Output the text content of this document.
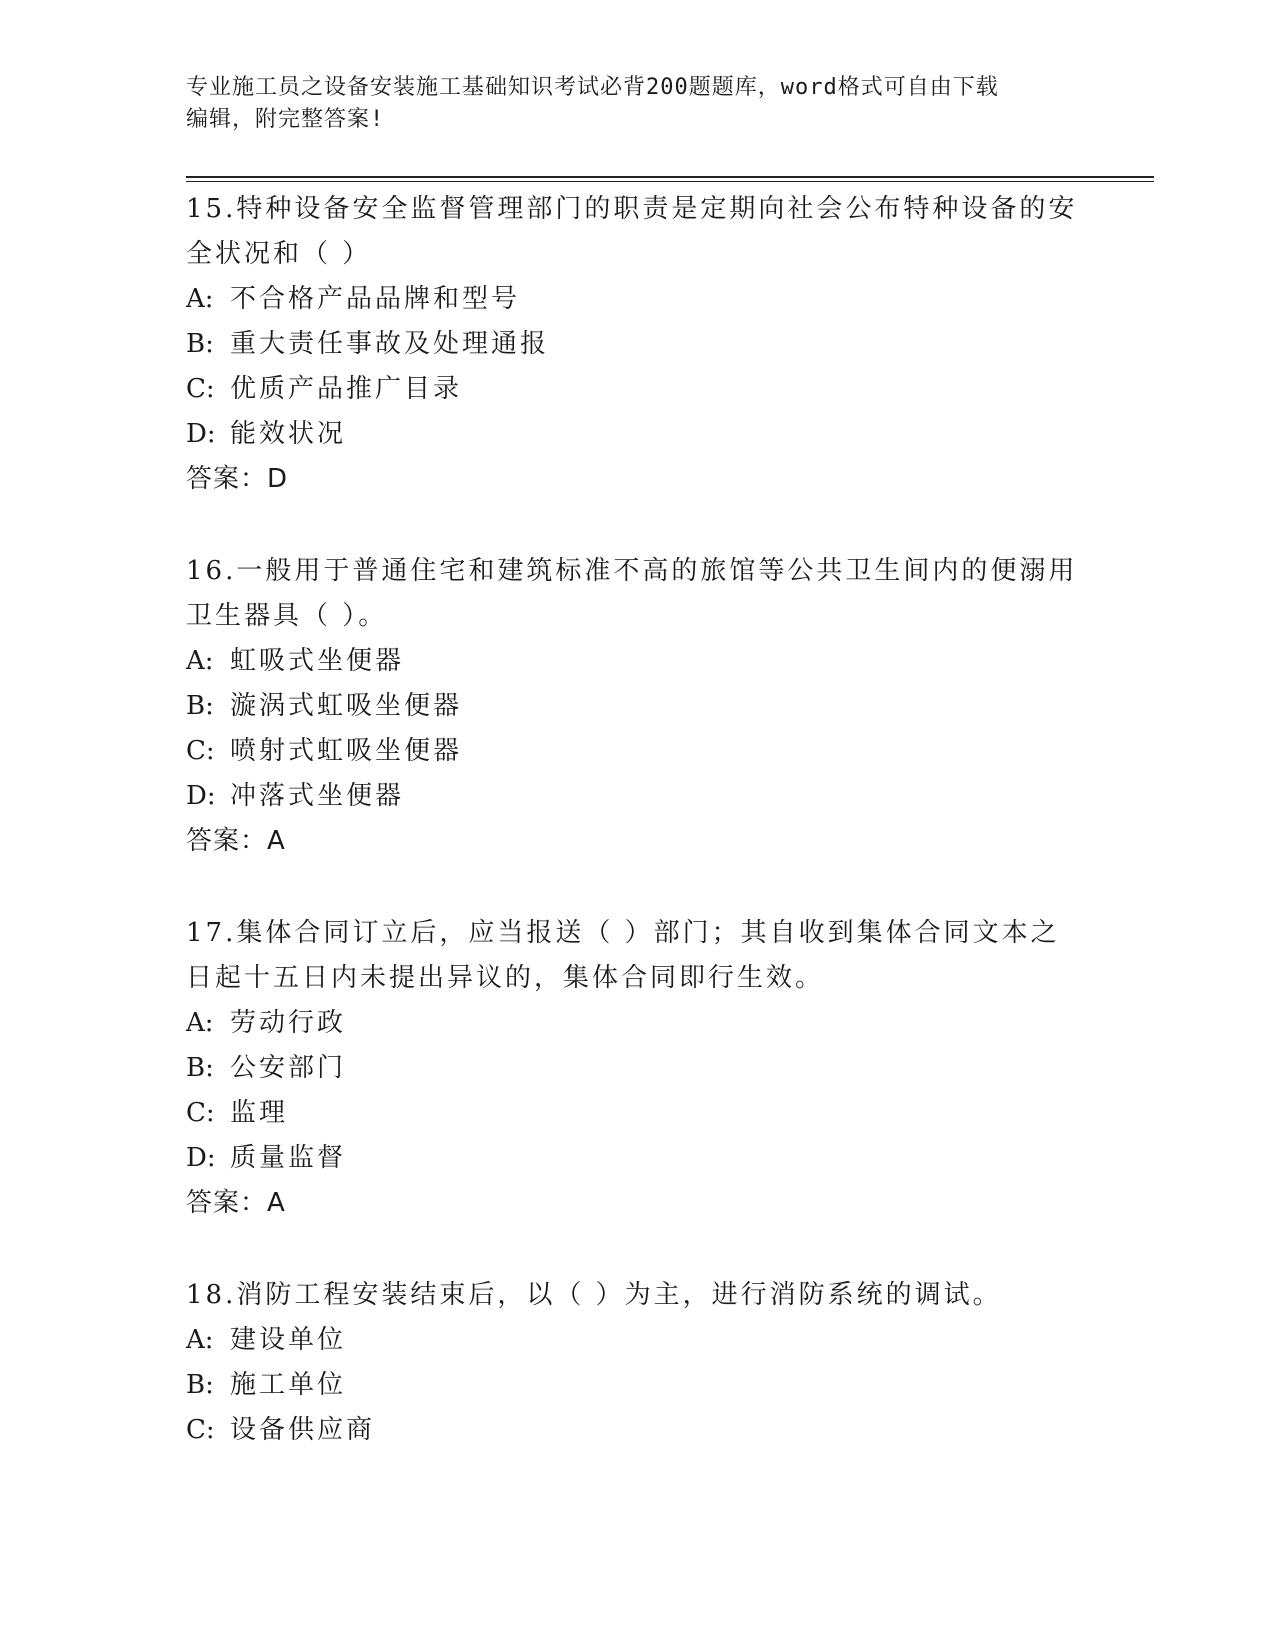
专业施工员之设备安装施工基础知识考试必背200题题库，word格式可自由下载
编辑，附完整答案!
15.特种设备安全监督管理部门的职责是定期向社会公布特种设备的安
全状况和（ ）
A: 不合格产品品牌和型号
B: 重大责任事故及处理通报
C: 优质产品推广目录
D: 能效状况
答案：D
16.一般用于普通住宅和建筑标准不高的旅馆等公共卫生间内的便溺用
卫生器具（ ）。
A: 虹吸式坐便器
B: 漩涡式虹吸坐便器
C: 喷射式虹吸坐便器
D: 冲落式坐便器
答案：A
17.集体合同订立后，应当报送（ ）部门；其自收到集体合同文本之
日起十五日内未提出异议的，集体合同即行生效。
A: 劳动行政
B: 公安部门
C: 监理
D: 质量监督
答案：A
18.消防工程安装结束后，以（ ）为主，进行消防系统的调试。
A: 建设单位
B: 施工单位
C: 设备供应商
